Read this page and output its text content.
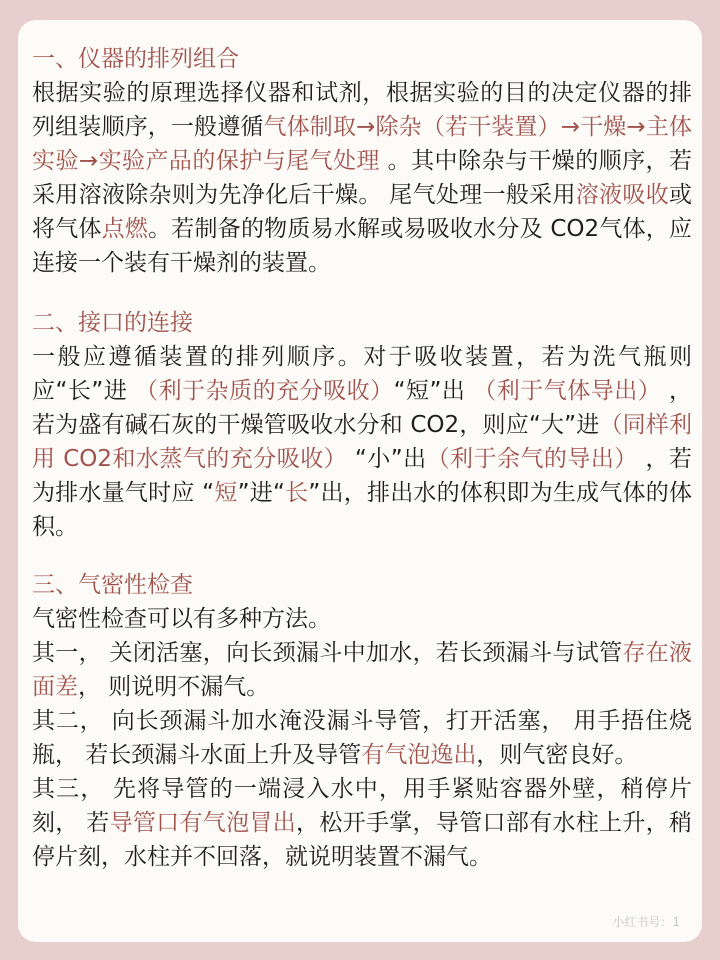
一、仪器的排列组合

根据实验的原理选择仪器和试剂，根据实验的目的决定仪器的排列组装顺序，一般遵循气体制取→除杂（若干装置）→干燥→主体实验→实验产品的保护与尾气处理 。其中除杂与干燥的顺序，若采用溶液除杂则为先净化后干燥。 尾气处理一般采用溶液吸收或将气体点燃。若制备的物质易水解或易吸收水分及 CO2气体，应连接一个装有干燥剂的装置。

二、接口的连接

一般应遵循装置的排列顺序。对于吸收装置，若为洗气瓶则应“长”进 （利于杂质的充分吸收）“短”出 （利于气体导出） ，若为盛有碱石灰的干燥管吸收水分和 CO2，则应“大”进（同样利用 CO2和水蒸气的充分吸收） “小”出（利于余气的导出） ，若为排水量气时应 “短”进“长”出，排出水的体积即为生成气体的体积。

三、气密性检查

气密性检查可以有多种方法。

其一， 关闭活塞，向长颈漏斗中加水，若长颈漏斗与试管存在液面差， 则说明不漏气。

其二， 向长颈漏斗加水淹没漏斗导管，打开活塞， 用手捂住烧瓶， 若长颈漏斗水面上升及导管有气泡逸出，则气密良好。

其三， 先将导管的一端浸入水中，用手紧贴容器外壁，稍停片刻， 若导管口有气泡冒出，松开手掌，导管口部有水柱上升，稍停片刻，水柱并不回落，就说明装置不漏气。

小红书号：1
